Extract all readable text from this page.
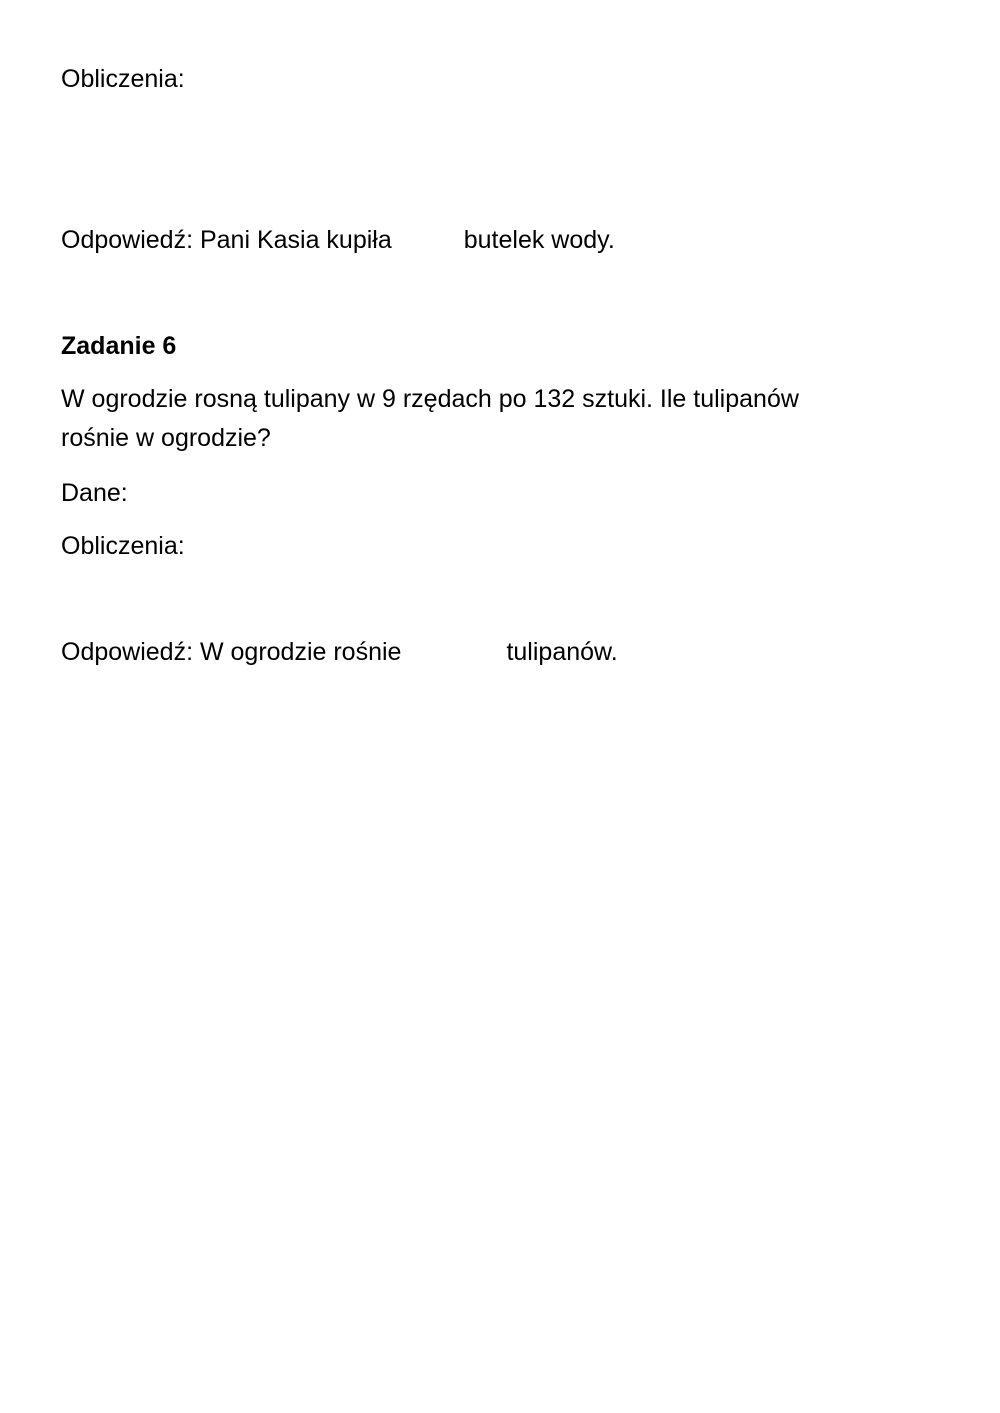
Obliczenia:
Odpowiedź: Pani Kasia kupiła	butelek wody.
Zadanie 6
W ogrodzie rosną tulipany w 9 rzędach po 132 sztuki. Ile tulipanów
rośnie w ogrodzie?
Dane:
Obliczenia:
Odpowiedź: W ogrodzie rośnie	tulipanów.
